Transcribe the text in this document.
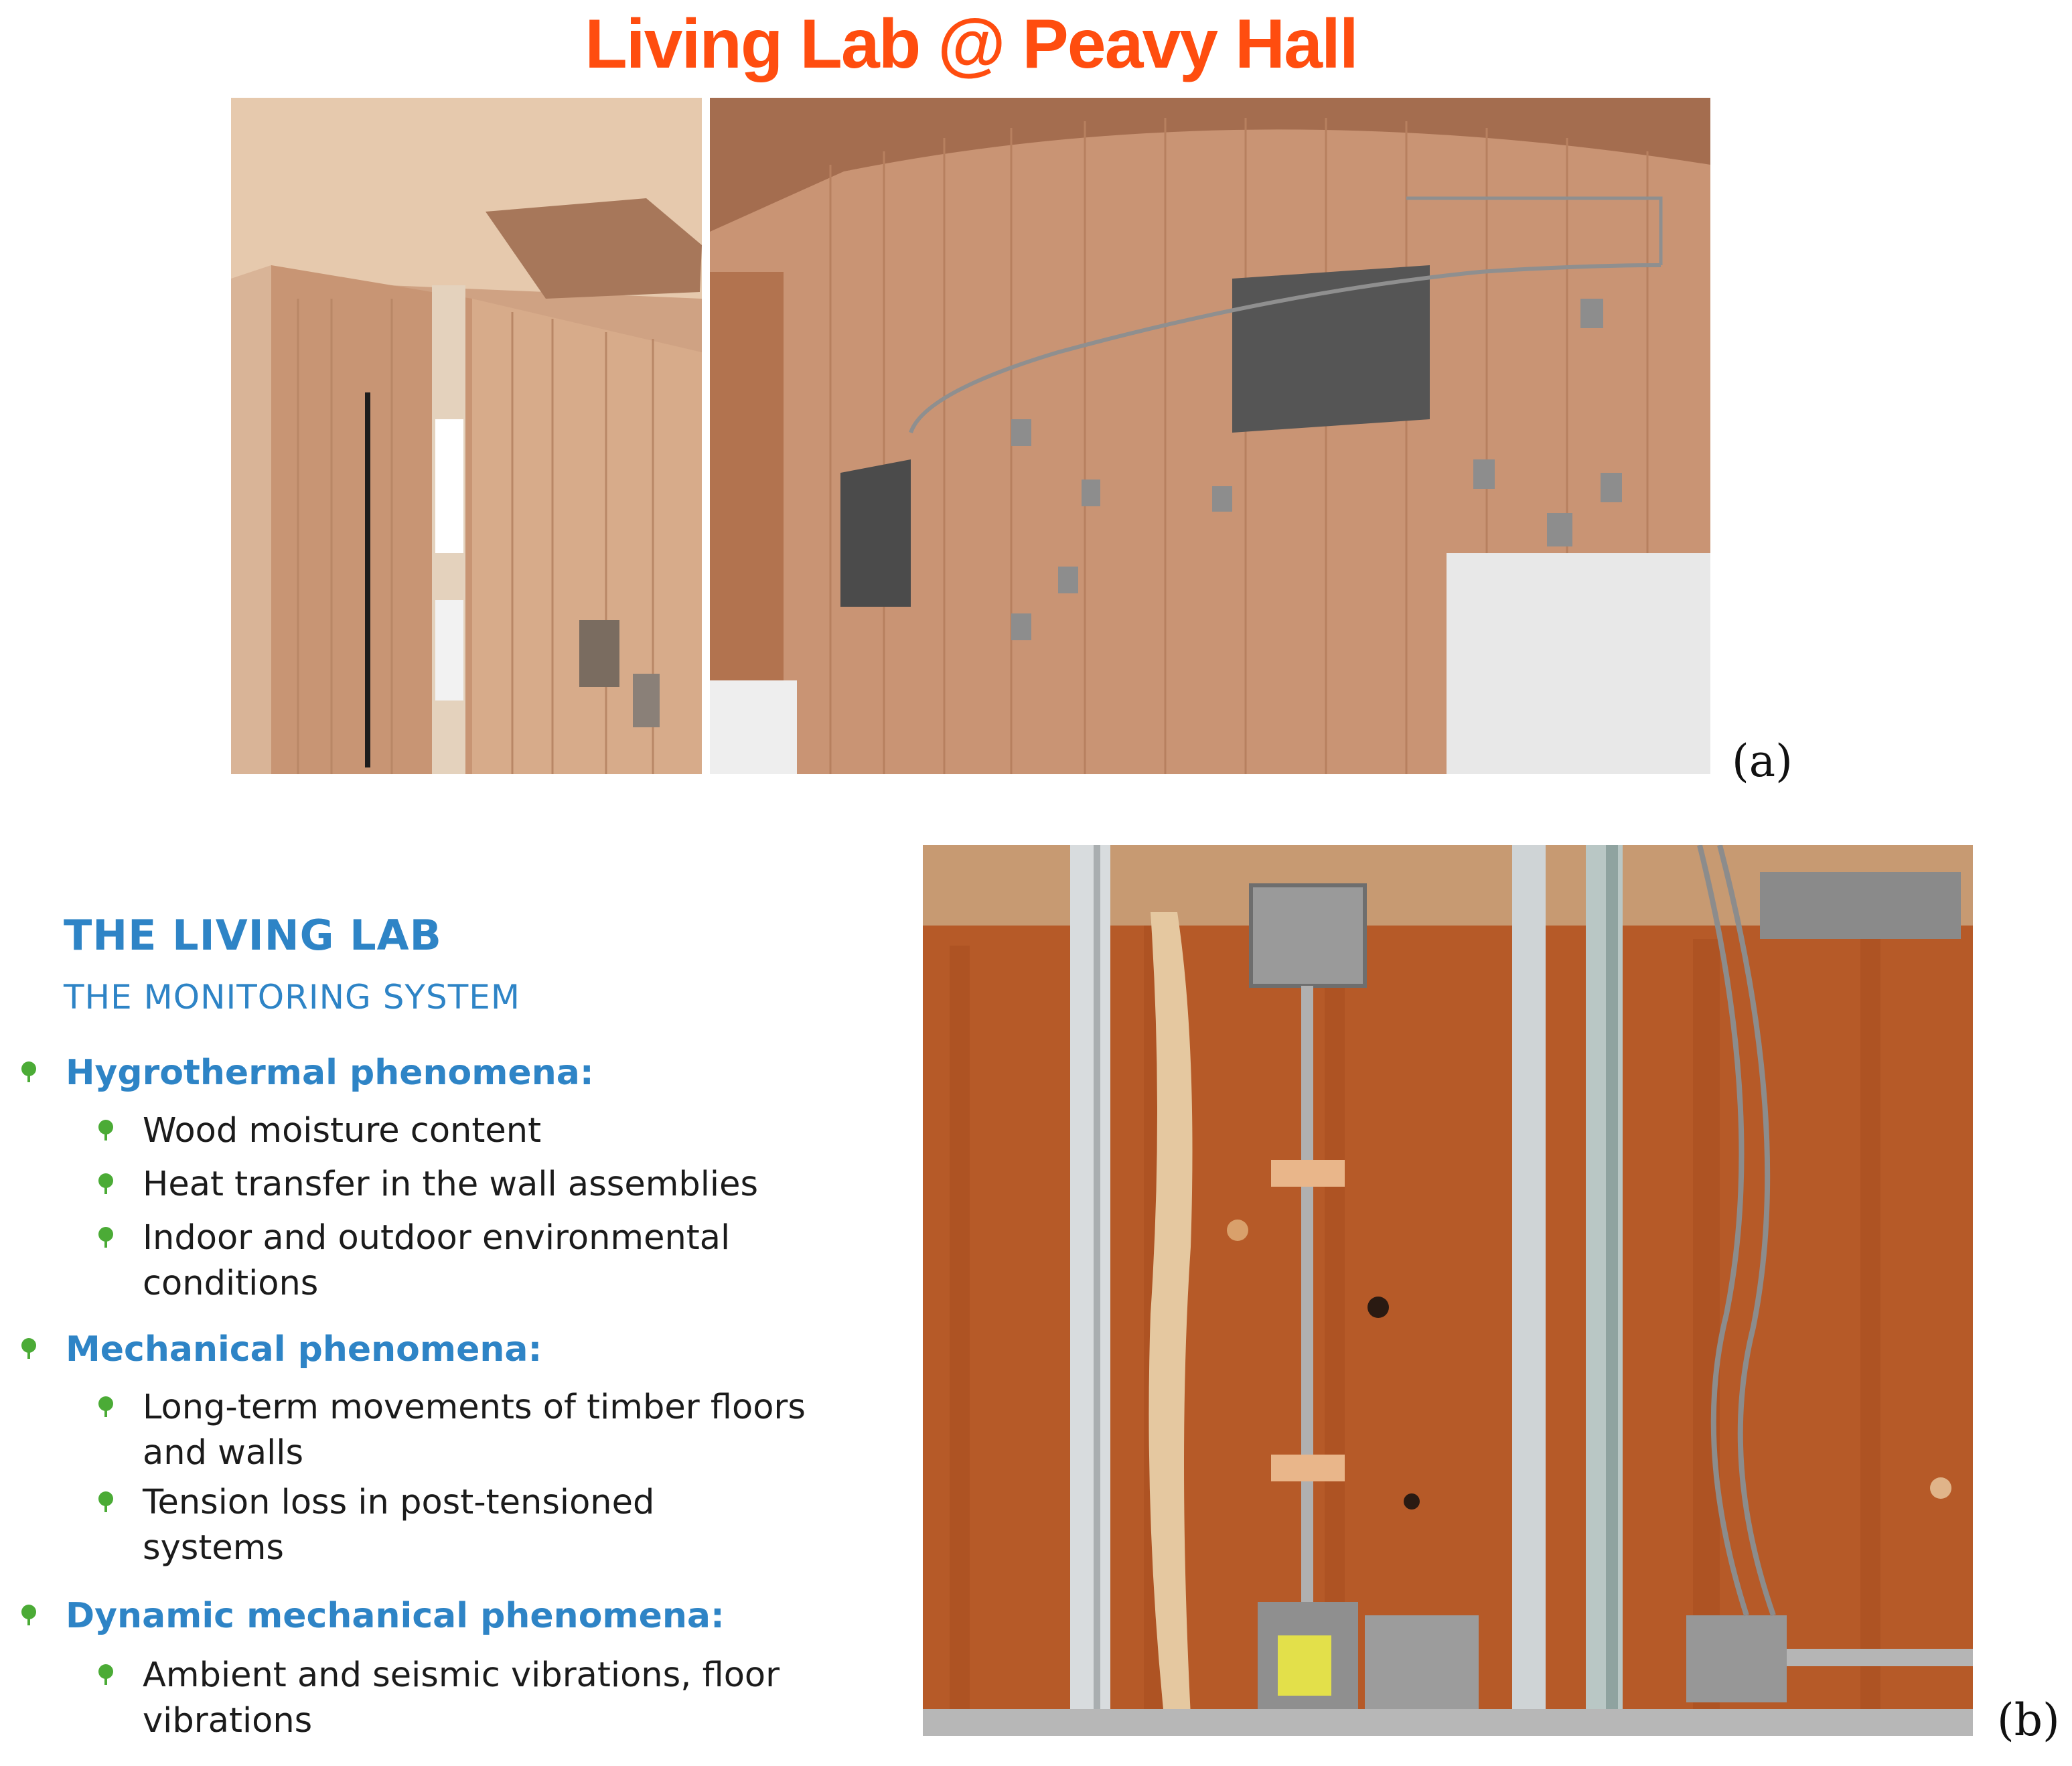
Living Lab @ Peavy Hall
(a)
THE LIVING LAB
THE MONITORING SYSTEM
Hygrothermal phenomena:
Wood moisture content
Heat transfer in the wall assemblies
Indoor and outdoor environmental
conditions
Mechanical phenomena:
Long-term movements of timber floors
and walls
Tension loss in post-tensioned
systems
Dynamic mechanical phenomena:
Ambient and seismic vibrations, floor
vibrations	(b)
